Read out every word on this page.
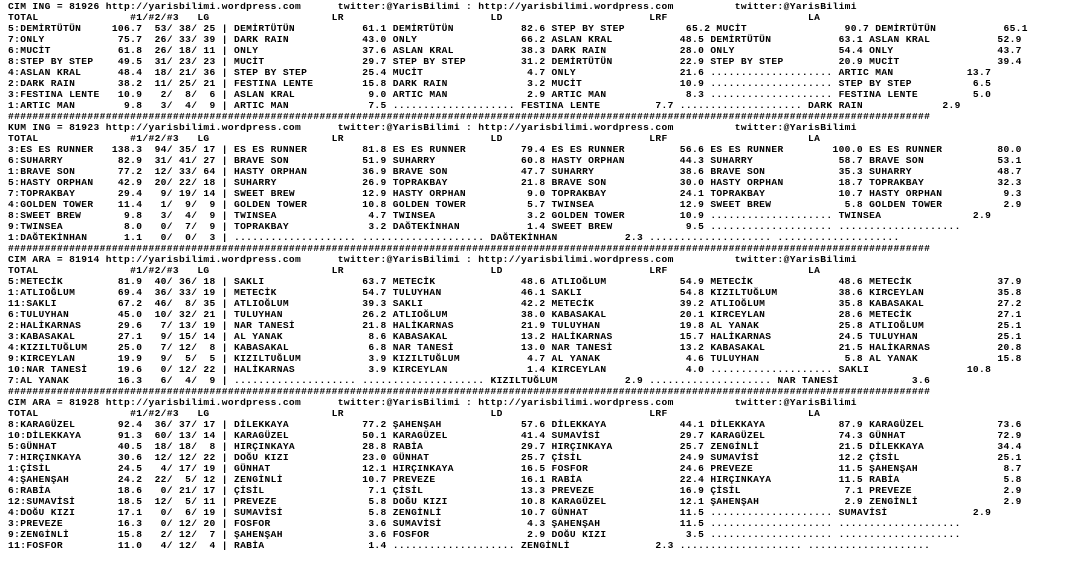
CIM ING = 81926 http://yarisbilimi.wordpress.com      twitter:@YarisBilimi : http://yarisbilimi.wordpress.com          twitter:@YarisBilimi
TOTAL               #1/#2/#3   LG                    LR                        LD                        LRF                       LA
5:DEMİRTÜTÜN     106.7  53/ 38/ 25 | DEMİRTÜTÜN           61.1 DEMİRTÜTÜN           82.6 STEP BY STEP          65.2 MUCİT                90.7 DEMİRTÜTÜN           65.1
7:ONLY            75.7  26/ 33/ 39 | DARK RAIN            43.0 ONLY                 66.2 ASLAN KRAL           48.5 DEMİRTÜTÜN           63.1 ASLAN KRAL           52.9
6:MUCİT           61.8  26/ 18/ 11 | ONLY                 37.6 ASLAN KRAL           38.3 DARK RAIN            28.0 ONLY                 54.4 ONLY                 43.7
8:STEP BY STEP    49.5  31/ 23/ 23 | MUCİT                29.7 STEP BY STEP         31.2 DEMİRTÜTÜN           22.9 STEP BY STEP         20.9 MUCİT                39.4
4:ASLAN KRAL      48.4  18/ 21/ 36 | STEP BY STEP         25.4 MUCİT                 4.7 ONLY                 21.6 .................... ARTIC MAN            13.7
2:DARK RAIN       38.2  11/ 25/ 21 | FESTINA LENTE        15.8 DARK RAIN             3.2 MUCİT                10.9 .................... STEP BY STEP          6.5
3:FESTINA LENTE   10.9   2/  8/  6 | ASLAN KRAL            9.0 ARTIC MAN             2.9 ARTIC MAN             8.3 .................... FESTINA LENTE         5.0
1:ARTIC MAN        9.8   3/  4/  9 | ARTIC MAN             7.5 .................... FESTINA LENTE         7.7 .................... DARK RAIN             2.9
#######################################################################################################################################################
KUM ING = 81923 http://yarisbilimi.wordpress.com      twitter:@YarisBilimi : http://yarisbilimi.wordpress.com          twitter:@YarisBilimi
TOTAL               #1/#2/#3   LG                    LR                        LD                        LRF                       LA
3:ES ES RUNNER   138.3  94/ 35/ 17 | ES ES RUNNER         81.8 ES ES RUNNER         79.4 ES ES RUNNER         56.6 ES ES RUNNER        100.0 ES ES RUNNER         80.0
6:SUHARRY         82.9  31/ 41/ 27 | BRAVE SON            51.9 SUHARRY              60.8 HASTY ORPHAN         44.3 SUHARRY              58.7 BRAVE SON            53.1
1:BRAVE SON       77.2  12/ 33/ 64 | HASTY ORPHAN         36.9 BRAVE SON            47.7 SUHARRY              38.6 BRAVE SON            35.3 SUHARRY              48.7
5:HASTY ORPHAN    42.9  20/ 22/ 18 | SUHARRY              26.9 TOPRAKBAY            21.8 BRAVE SON            30.0 HASTY ORPHAN         18.7 TOPRAKBAY            32.3
7:TOPRAKBAY       29.4   9/ 19/ 14 | SWEET BREW           12.9 HASTY ORPHAN          9.0 TOPRAKBAY            24.1 TOPRAKBAY            10.7 HASTY ORPHAN          9.3
4:GOLDEN TOWER    11.4   1/  9/  9 | GOLDEN TOWER         10.8 GOLDEN TOWER          5.7 TWINSEA              12.9 SWEET BREW            5.8 GOLDEN TOWER          2.9
8:SWEET BREW       9.8   3/  4/  9 | TWINSEA               4.7 TWINSEA               3.2 GOLDEN TOWER         10.9 .................... TWINSEA               2.9
9:TWINSEA          8.0   0/  7/  9 | TOPRAKBAY             3.2 DAĞTEKİNHAN           1.4 SWEET BREW            9.5 .................... ....................
1:DAĞTEKİNHAN      1.1   0/  0/  3 | .................... .................... DAĞTEKİNHAN           2.3 .................... ....................
#######################################################################################################################################################
CIM ARA = 81914 http://yarisbilimi.wordpress.com      twitter:@YarisBilimi : http://yarisbilimi.wordpress.com          twitter:@YarisBilimi
TOTAL               #1/#2/#3   LG                    LR                        LD                        LRF                       LA
5:METECİK         81.9  40/ 36/ 18 | SAKLI                63.7 METECİK              48.6 ATLIOĞLUM            54.9 METECİK              48.6 METECİK              37.9
1:ATLIOĞLUM       69.4  36/ 33/ 19 | METECİK              54.7 TULUYHAN             46.1 SAKLI                54.8 KIZILTUĞLUM          38.6 KIRCEYLAN            35.8
11:SAKLI          67.2  46/  8/ 35 | ATLIOĞLUM            39.3 SAKLI                42.2 METECİK              39.2 ATLIOĞLUM            35.8 KABASAKAL            27.2
6:TULUYHAN        45.0  10/ 32/ 21 | TULUYHAN             26.2 ATLIOĞLUM            38.0 KABASAKAL            20.1 KIRCEYLAN            28.6 METECİK              27.1
2:HALİKARNAS      29.6   7/ 13/ 19 | NAR TANESİ           21.8 HALİKARNAS           21.9 TULUYHAN             19.8 AL YANAK             25.8 ATLIOĞLUM            25.1
3:KABASAKAL       27.1   9/ 15/ 14 | AL YANAK              8.6 KABASAKAL            13.2 HALİKARNAS           15.7 HALİKARNAS           24.5 TULUYHAN             25.1
4:KIZILTUĞLUM     25.0   7/ 12/  8 | KABASAKAL             6.8 NAR TANESİ           13.0 NAR TANESİ           13.2 KABASAKAL            21.5 HALİKARNAS           20.8
9:KIRCEYLAN       19.9   9/  5/  5 | KIZILTUĞLUM           3.9 KIZILTUĞLUM           4.7 AL YANAK              4.6 TULUYHAN              5.8 AL YANAK             15.8
10:NAR TANESİ     19.6   0/ 12/ 22 | HALİKARNAS            3.9 KIRCEYLAN             1.4 KIRCEYLAN             4.0 .................... SAKLI                10.8
7:AL YANAK        16.3   6/  4/  9 | .................... .................... KIZILTUĞLUM           2.9 .................... NAR TANESİ            3.6
#######################################################################################################################################################
CIM ARA = 81928 http://yarisbilimi.wordpress.com      twitter:@YarisBilimi : http://yarisbilimi.wordpress.com          twitter:@YarisBilimi
TOTAL               #1/#2/#3   LG                    LR                        LD                        LRF                       LA
8:KARAGÜZEL       92.4  36/ 37/ 17 | DİLEKKAYA            77.2 ŞAHENŞAH             57.6 DİLEKKAYA            44.1 DİLEKKAYA            87.9 KARAGÜZEL            73.6
10:DİLEKKAYA      91.3  60/ 13/ 14 | KARAGÜZEL            50.1 KARAGÜZEL            41.4 SUMAVİSİ             29.7 KARAGÜZEL            74.3 GÜNHAT               72.9
5:GÜNHAT          40.5  18/ 18/  8 | HIRÇINKAYA           28.8 RABİA                29.7 HIRÇINKAYA           25.7 ZENGİNLİ             21.5 DİLEKKAYA            34.4
7:HIRÇINKAYA      30.6  12/ 12/ 22 | DOĞU KIZI            23.0 GÜNHAT               25.7 ÇİSİL                24.9 SUMAVİSİ             12.2 ÇİSİL                25.1
1:ÇİSİL           24.5   4/ 17/ 19 | GÜNHAT               12.1 HIRÇINKAYA           16.5 FOSFOR               24.6 PREVEZE              11.5 ŞAHENŞAH              8.7
4:ŞAHENŞAH        24.2  22/  5/ 12 | ZENGİNLİ             10.7 PREVEZE              16.1 RABİA                22.4 HIRÇINKAYA           11.5 RABİA                 5.8
6:RABİA           18.6   0/ 21/ 17 | ÇİSİL                 7.1 ÇİSİL                13.3 PREVEZE              16.9 ÇİSİL                 7.1 PREVEZE               2.9
12:SUMAVİSİ       18.5  12/  5/ 11 | PREVEZE               5.8 DOĞU KIZI            10.8 KARAGÜZEL            12.1 ŞAHENŞAH              2.9 ZENGİNLİ              2.9
4:DOĞU KIZI       17.1   0/  6/ 19 | SUMAVİSİ              5.8 ZENGİNLİ             10.7 GÜNHAT               11.5 .................... SUMAVİSİ              2.9
3:PREVEZE         16.3   0/ 12/ 20 | FOSFOR                3.6 SUMAVİSİ              4.3 ŞAHENŞAH             11.5 .................... ....................
9:ZENGİNLİ        15.8   2/ 12/  7 | ŞAHENŞAH              3.6 FOSFOR                2.9 DOĞU KIZI             3.5 .................... ....................
11:FOSFOR         11.0   4/ 12/  4 | RABİA                 1.4 .................... ZENGİNLİ              2.3 .................... ....................
